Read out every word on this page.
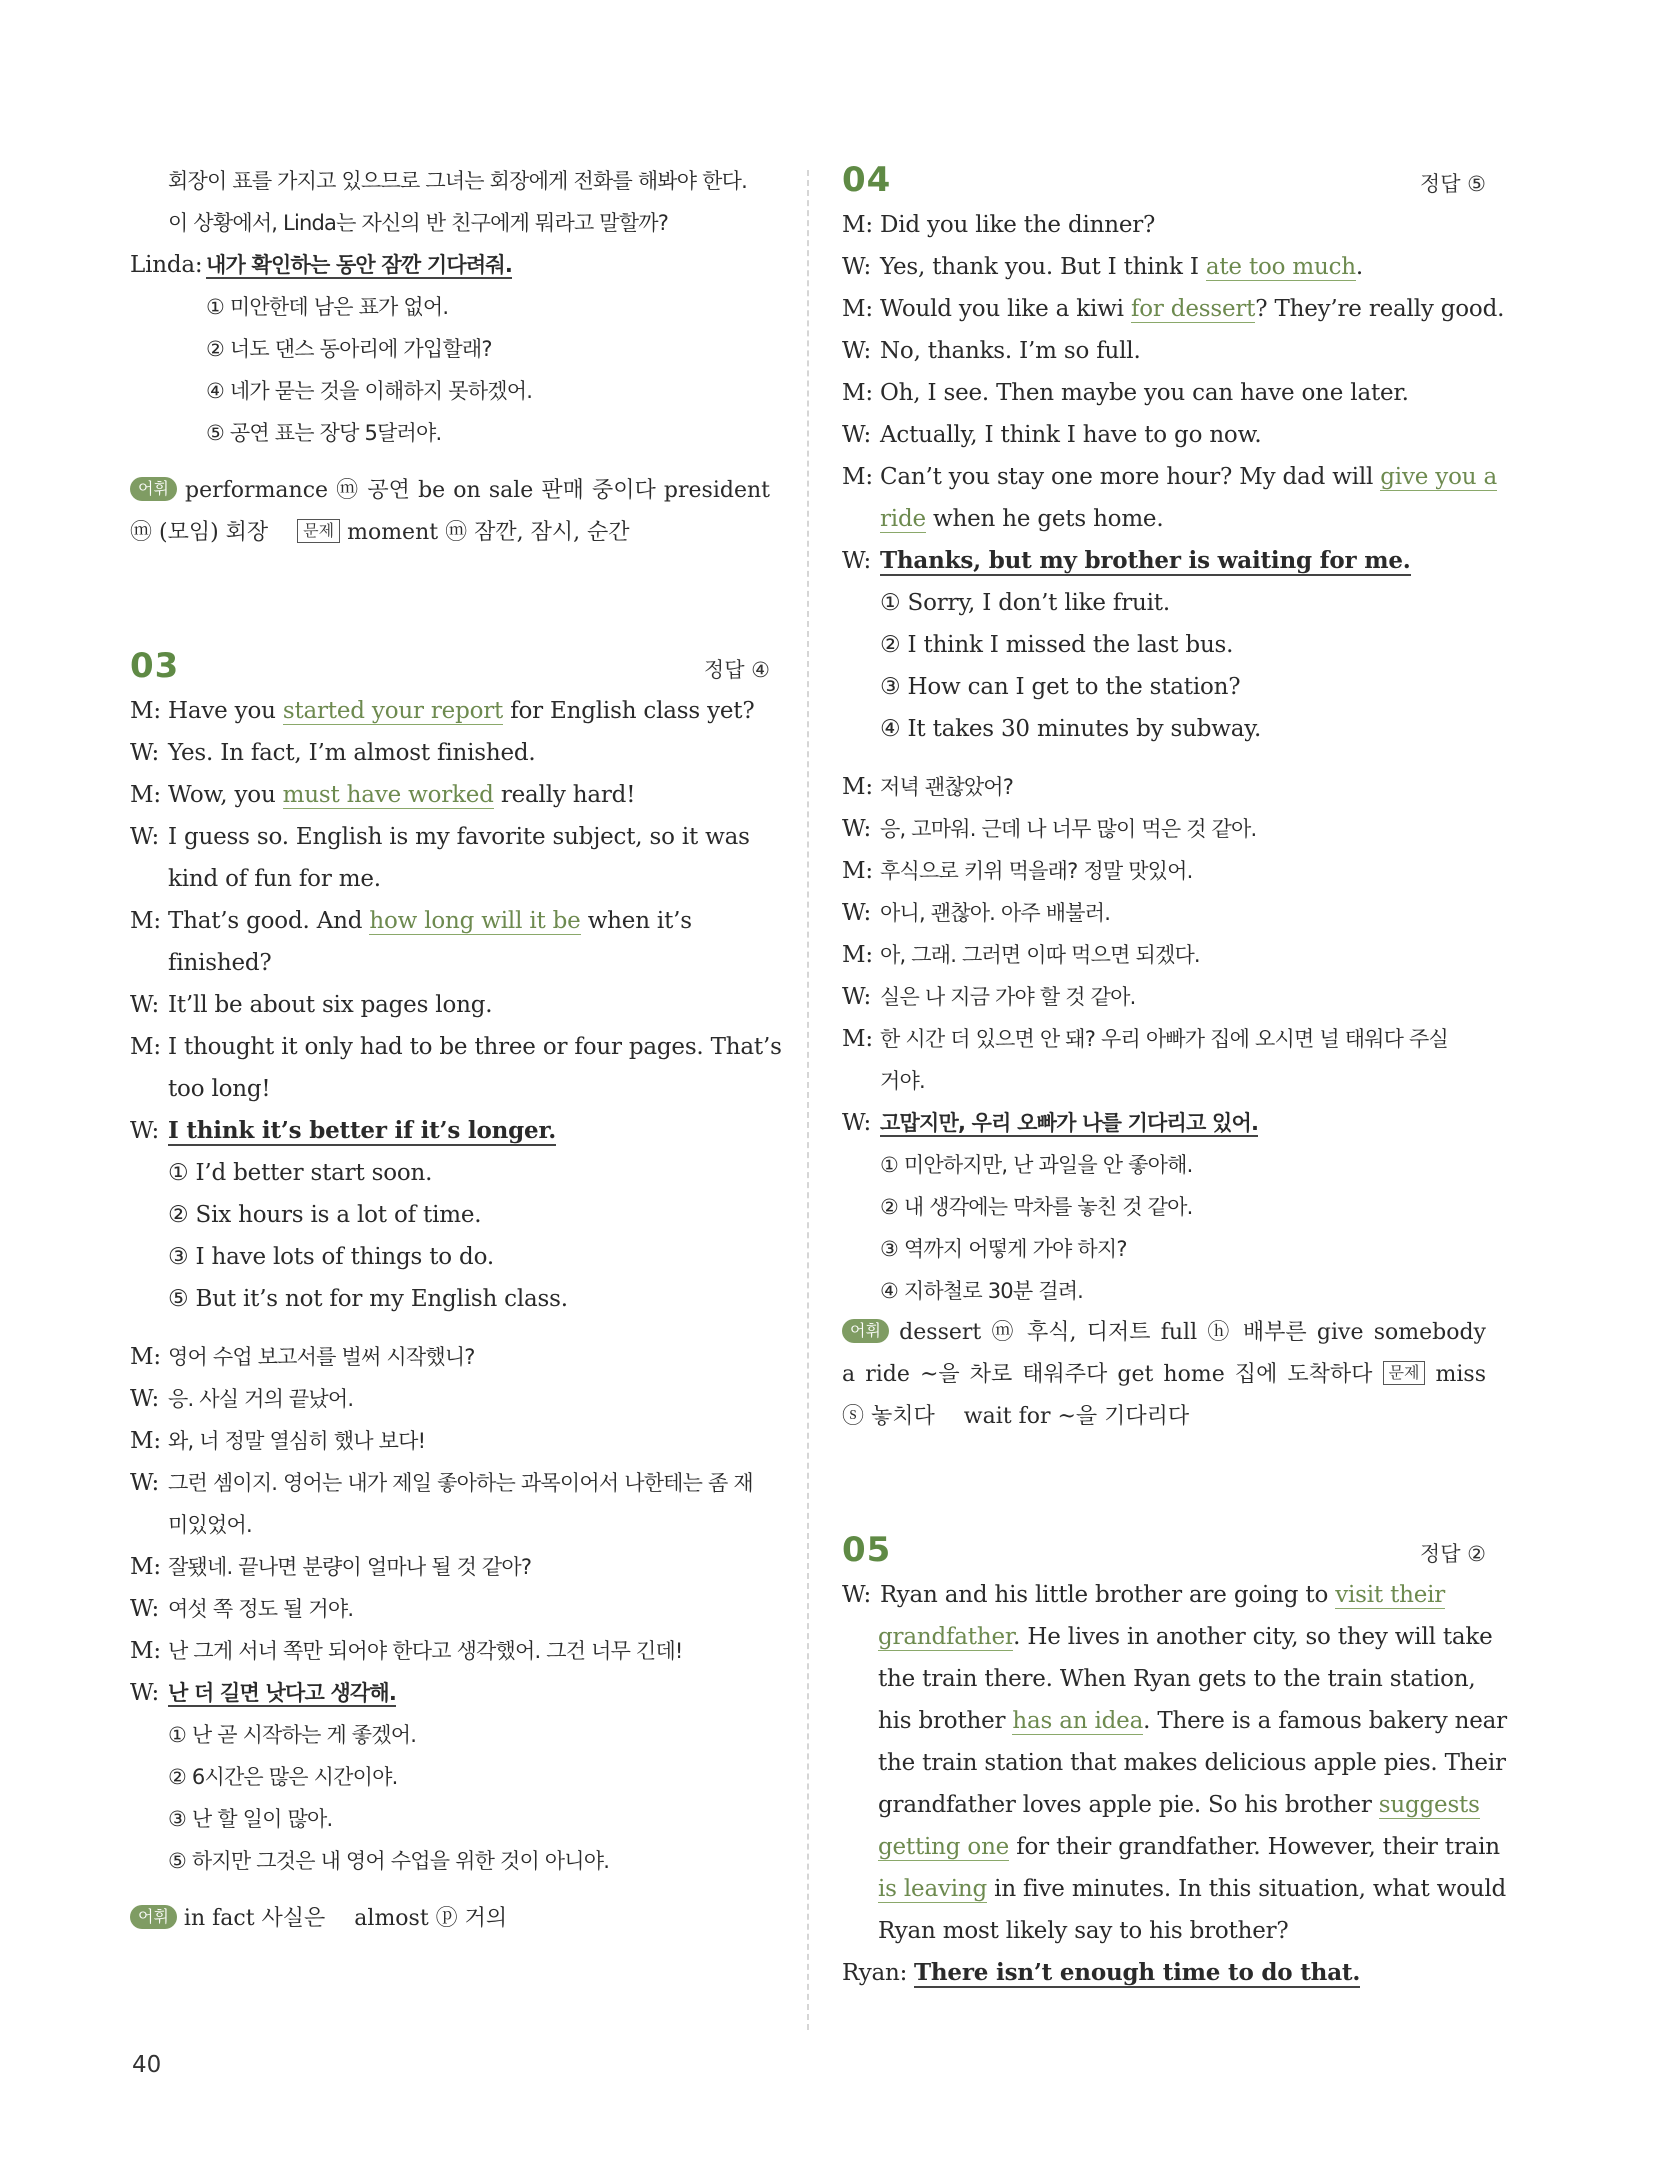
회장이 표를 가지고 있으므로 그녀는 회장에게 전화를 해봐야 한다.
이 상황에서, Linda는 자신의 반 친구에게 뭐라고 말할까?
Linda: 내가 확인하는 동안 잠깐 기다려줘.
① 미안한데 남은 표가 없어.
② 너도 댄스 동아리에 가입할래?
④ 네가 묻는 것을 이해하지 못하겠어.
⑤ 공연 표는 장당 5달러야.
어휘 performance ⓜ 공연 be on sale 판매 중이다 president
ⓜ (모임) 회장 문제 moment ⓜ 잠깐, 잠시, 순간
03	정답 ④
M: Have you started your report for English class yet?
W: Yes. In fact, I’m almost finished.
M: Wow, you must have worked really hard!
W: I guess so. English is my favorite subject, so it was
kind of fun for me.
M: That’s good. And how long will it be when it’s
finished?
W: It’ll be about six pages long.
M: I thought it only had to be three or four pages. That’s
too long!
W: I think it’s better if it’s longer.
① I’d better start soon.
② Six hours is a lot of time.
③ I have lots of things to do.
⑤ But it’s not for my English class.
M: 영어 수업 보고서를 벌써 시작했니?
W: 응. 사실 거의 끝났어.
M: 와, 너 정말 열심히 했나 보다!
W: 그런 셈이지. 영어는 내가 제일 좋아하는 과목이어서 나한테는 좀 재
미있었어.
M: 잘됐네. 끝나면 분량이 얼마나 될 것 같아?
W: 여섯 쪽 정도 될 거야.
M: 난 그게 서너 쪽만 되어야 한다고 생각했어. 그건 너무 긴데!
W: 난 더 길면 낫다고 생각해.
① 난 곧 시작하는 게 좋겠어.
② 6시간은 많은 시간이야.
③ 난 할 일이 많아.
⑤ 하지만 그것은 내 영어 수업을 위한 것이 아니야.
어휘 in fact 사실은 almost ⓟ 거의
04	정답 ⑤
M: Did you like the dinner?
W: Yes, thank you. But I think I ate too much.
M: Would you like a kiwi for dessert? They’re really good.
W: No, thanks. I’m so full.
M: Oh, I see. Then maybe you can have one later.
W: Actually, I think I have to go now.
M: Can’t you stay one more hour? My dad will give you a
ride when he gets home.
W: Thanks, but my brother is waiting for me.
① Sorry, I don’t like fruit.
② I think I missed the last bus.
③ How can I get to the station?
④ It takes 30 minutes by subway.
M: 저녁 괜찮았어?
W: 응, 고마워. 근데 나 너무 많이 먹은 것 같아.
M: 후식으로 키위 먹을래? 정말 맛있어.
W: 아니, 괜찮아. 아주 배불러.
M: 아, 그래. 그러면 이따 먹으면 되겠다.
W: 실은 나 지금 가야 할 것 같아.
M: 한 시간 더 있으면 안 돼? 우리 아빠가 집에 오시면 널 태워다 주실
거야.
W: 고맙지만, 우리 오빠가 나를 기다리고 있어.
① 미안하지만, 난 과일을 안 좋아해.
② 내 생각에는 막차를 놓친 것 같아.
③ 역까지 어떻게 가야 하지?
④ 지하철로 30분 걸려.
어휘 dessert ⓜ 후식, 디저트 full ⓗ 배부른 give somebody
a ride ~을 차로 태워주다 get home 집에 도착하다 문제 miss
ⓢ 놓치다 wait for ~을 기다리다
05	정답 ②
W: Ryan and his little brother are going to visit their
grandfather. He lives in another city, so they will take
the train there. When Ryan gets to the train station,
his brother has an idea. There is a famous bakery near
the train station that makes delicious apple pies. Their
grandfather loves apple pie. So his brother suggests
getting one for their grandfather. However, their train
is leaving in five minutes. In this situation, what would
Ryan most likely say to his brother?
Ryan: There isn’t enough time to do that.
40
